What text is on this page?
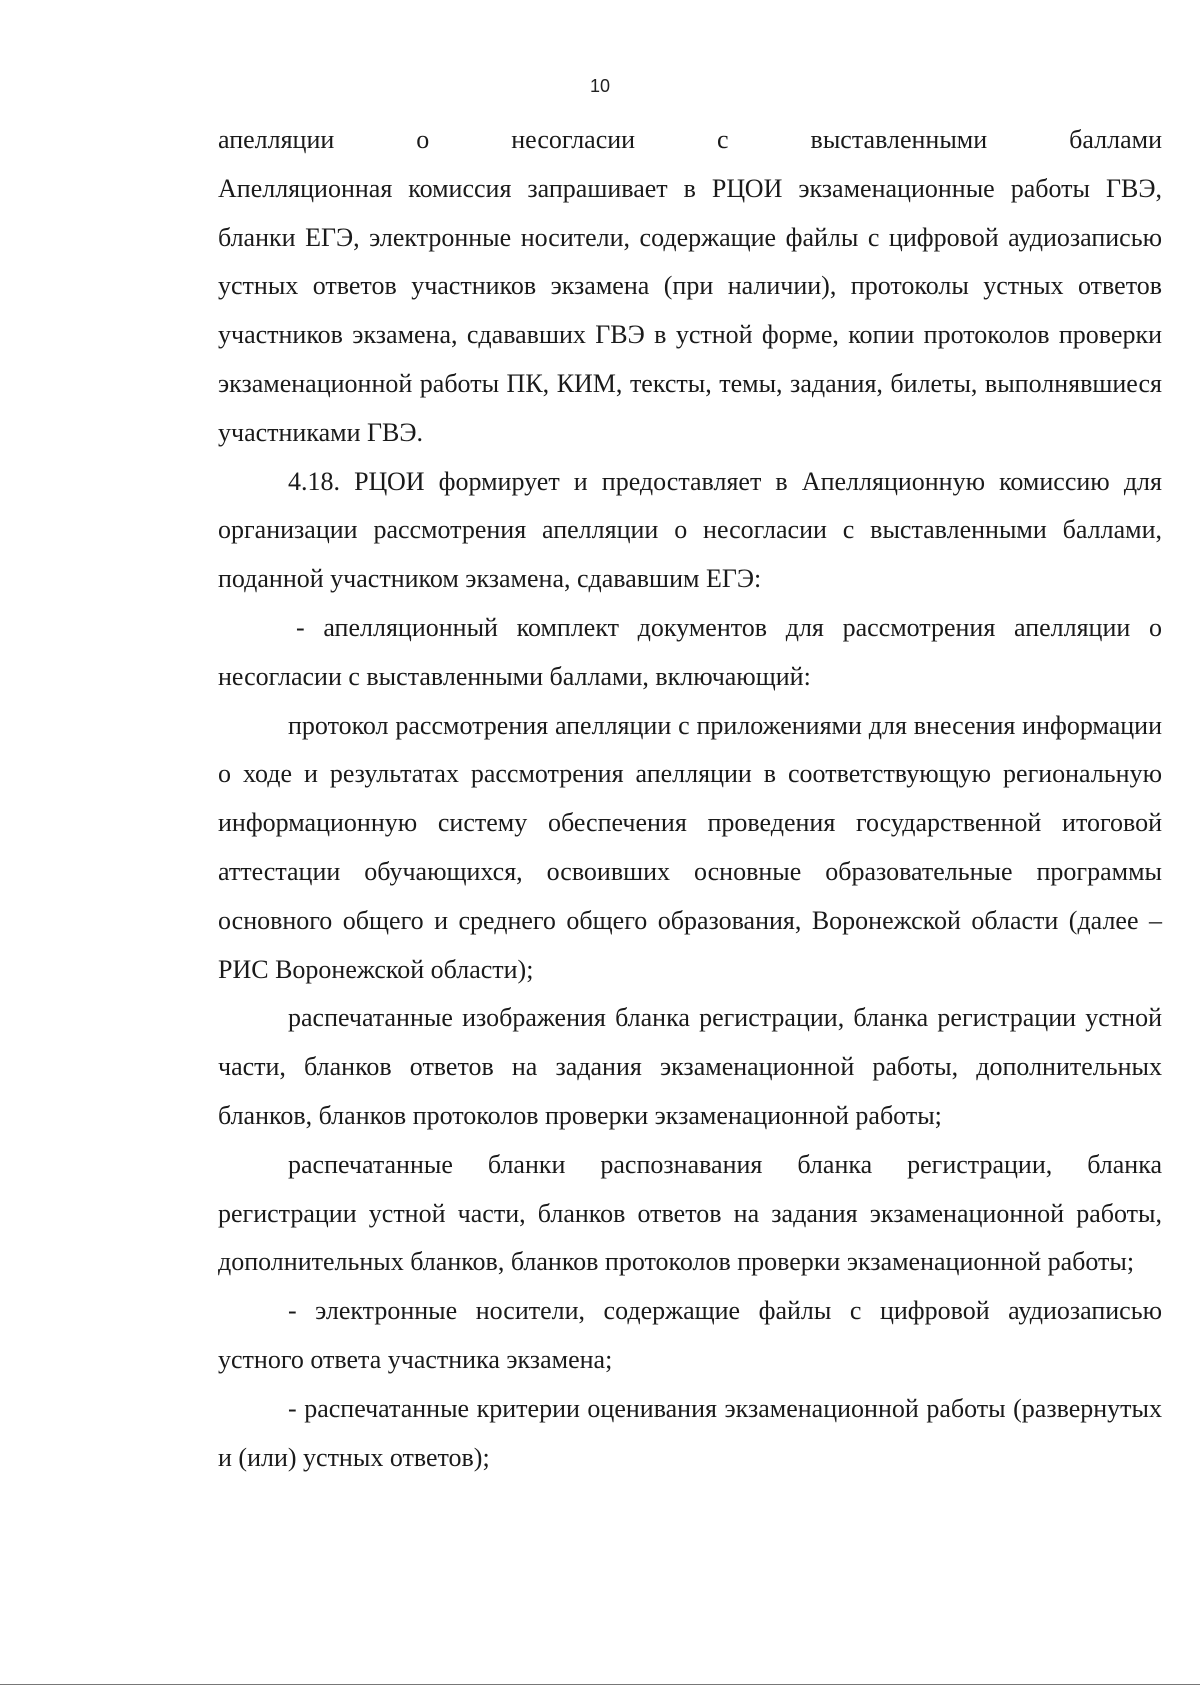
10

апелляции о несогласии с выставленными баллами

Апелляционная комиссия запрашивает в РЦОИ экзаменационные работы ГВЭ, бланки ЕГЭ, электронные носители, содержащие файлы с цифровой аудиозаписью устных ответов участников экзамена (при наличии), протоколы устных ответов участников экзамена, сдававших ГВЭ в устной форме, копии протоколов проверки экзаменационной работы ПК, КИМ, тексты, темы, задания, билеты, выполнявшиеся участниками ГВЭ.

4.18. РЦОИ формирует и предоставляет в Апелляционную комиссию для организации рассмотрения апелляции о несогласии с выставленными баллами, поданной участником экзамена, сдававшим ЕГЭ:

- апелляционный комплект документов для рассмотрения апелляции о несогласии с выставленными баллами, включающий:

протокол рассмотрения апелляции с приложениями для внесения информации о ходе и результатах рассмотрения апелляции в соответствующую региональную информационную систему обеспечения проведения государственной итоговой аттестации обучающихся, освоивших основные образовательные программы основного общего и среднего общего образования, Воронежской области (далее – РИС Воронежской области);

распечатанные изображения бланка регистрации, бланка регистрации устной части, бланков ответов на задания экзаменационной работы, дополнительных бланков, бланков протоколов проверки экзаменационной работы;

распечатанные бланки распознавания бланка регистрации, бланка регистрации устной части, бланков ответов на задания экзаменационной работы, дополнительных бланков, бланков протоколов проверки экзаменационной работы;

- электронные носители, содержащие файлы с цифровой аудиозаписью устного ответа участника экзамена;

- распечатанные критерии оценивания экзаменационной работы (развернутых и (или) устных ответов);
